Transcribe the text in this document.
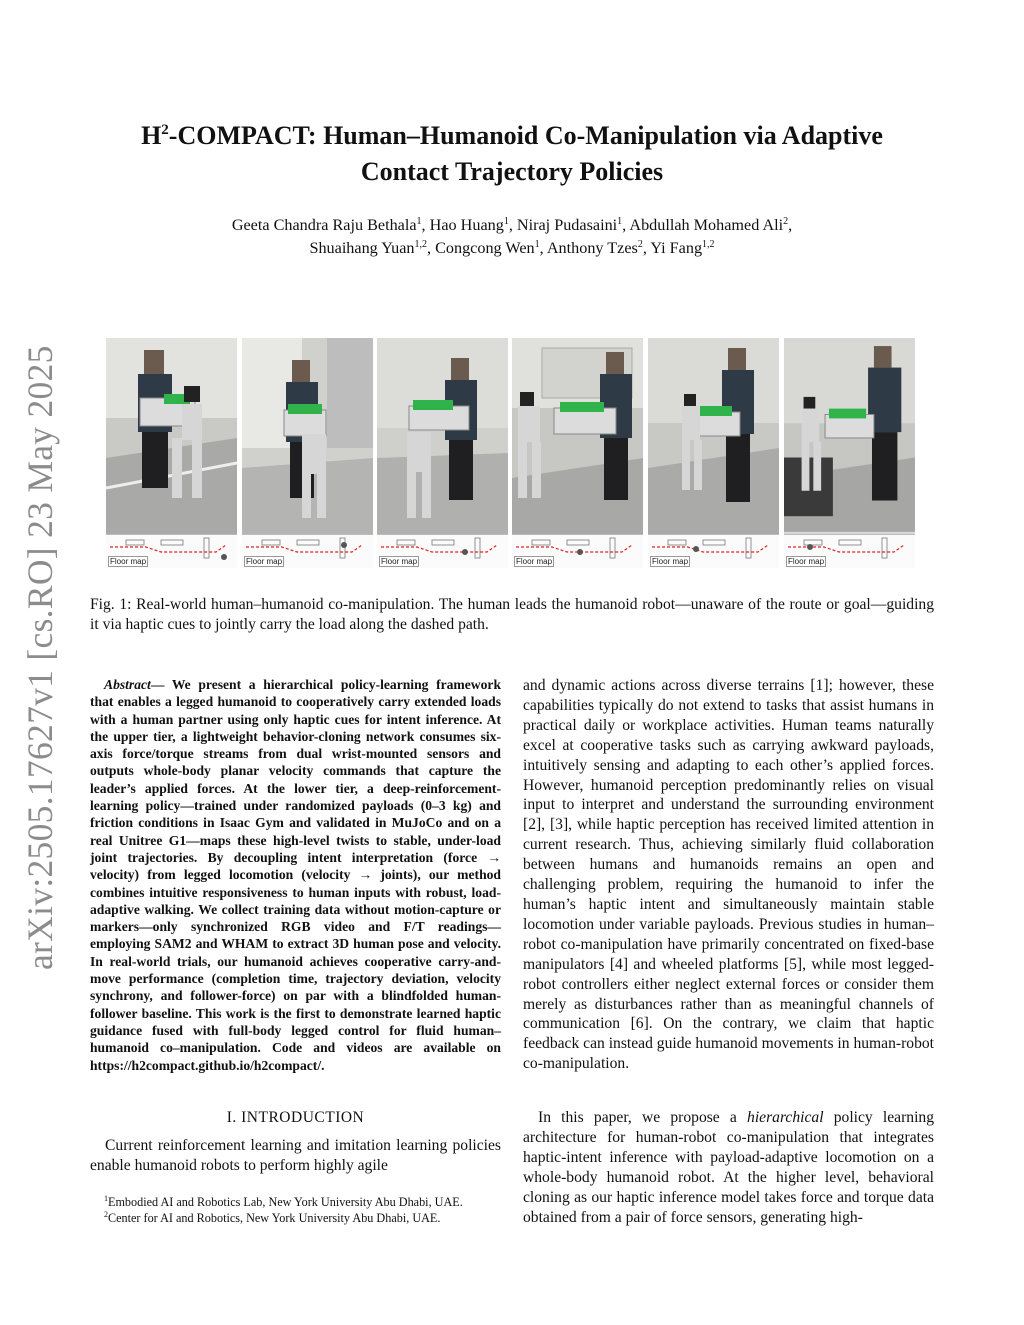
arXiv:2505.17627v1 [cs.RO] 23 May 2025
$H^2$-COMPACT: Human–Humanoid Co-Manipulation via Adaptive Contact Trajectory Policies
Geeta Chandra Raju Bethala$^1$, Hao Huang$^1$, Niraj Pudasaini$^1$, Abdullah Mohamed Ali$^2$,
Shuaihang Yuan$^{1,2}$, Congcong Wen$^1$, Anthony Tzes$^2$, Yi Fang$^{1,2}$
Floor map	Floor map	Floor map	Floor map	Floor map	Floor map
Fig. 1: Real-world human–humanoid co-manipulation. The human leads the humanoid robot—unaware of the route or goal—guiding it via haptic cues to jointly carry the load along the dashed path.

Abstract— We present a hierarchical policy-learning framework that enables a legged humanoid to cooperatively carry extended loads with a human partner using only haptic cues for intent inference. At the upper tier, a lightweight behavior-cloning network consumes six-axis force/torque streams from dual wrist-mounted sensors and outputs whole-body planar velocity commands that capture the leader’s applied forces. At the lower tier, a deep-reinforcement-learning policy—trained under randomized payloads (0–3 kg) and friction conditions in Isaac Gym and validated in MuJoCo and on a real Unitree G1—maps these high-level twists to stable, under-load joint trajectories. By decoupling intent interpretation (force → velocity) from legged locomotion (velocity → joints), our method combines intuitive responsiveness to human inputs with robust, load-adaptive walking. We collect training data without motion-capture or markers—only synchronized RGB video and F/T readings—employing SAM2 and WHAM to extract 3D human pose and velocity. In real-world trials, our humanoid achieves cooperative carry-and-move performance (completion time, trajectory deviation, velocity synchrony, and follower-force) on par with a blindfolded human-follower baseline. This work is the first to demonstrate learned haptic guidance fused with full-body legged control for fluid human–humanoid co–manipulation. Code and videos are available on https://h2compact.github.io/h2compact/.

I. INTRODUCTION

Current reinforcement learning and imitation learning policies enable humanoid robots to perform highly agile

$^1$Embodied AI and Robotics Lab, New York University Abu Dhabi, UAE.
$^2$Center for AI and Robotics, New York University Abu Dhabi, UAE.

and dynamic actions across diverse terrains [1]; however, these capabilities typically do not extend to tasks that assist humans in practical daily or workplace activities. Human teams naturally excel at cooperative tasks such as carrying awkward payloads, intuitively sensing and adapting to each other’s applied forces. However, humanoid perception predominantly relies on visual input to interpret and understand the surrounding environment [2], [3], while haptic perception has received limited attention in current research. Thus, achieving similarly fluid collaboration between humans and humanoids remains an open and challenging problem, requiring the humanoid to infer the human’s haptic intent and simultaneously maintain stable locomotion under variable payloads. Previous studies in human–robot co-manipulation have primarily concentrated on fixed-base manipulators [4] and wheeled platforms [5], while most legged-robot controllers either neglect external forces or consider them merely as disturbances rather than as meaningful channels of communication [6]. On the contrary, we claim that haptic feedback can instead guide humanoid movements in human-robot co-manipulation.

In this paper, we propose a hierarchical policy learning architecture for human-robot co-manipulation that integrates haptic-intent inference with payload-adaptive locomotion on a whole-body humanoid robot. At the higher level, behavioral cloning as our haptic inference model takes force and torque data obtained from a pair of force sensors, generating high-
